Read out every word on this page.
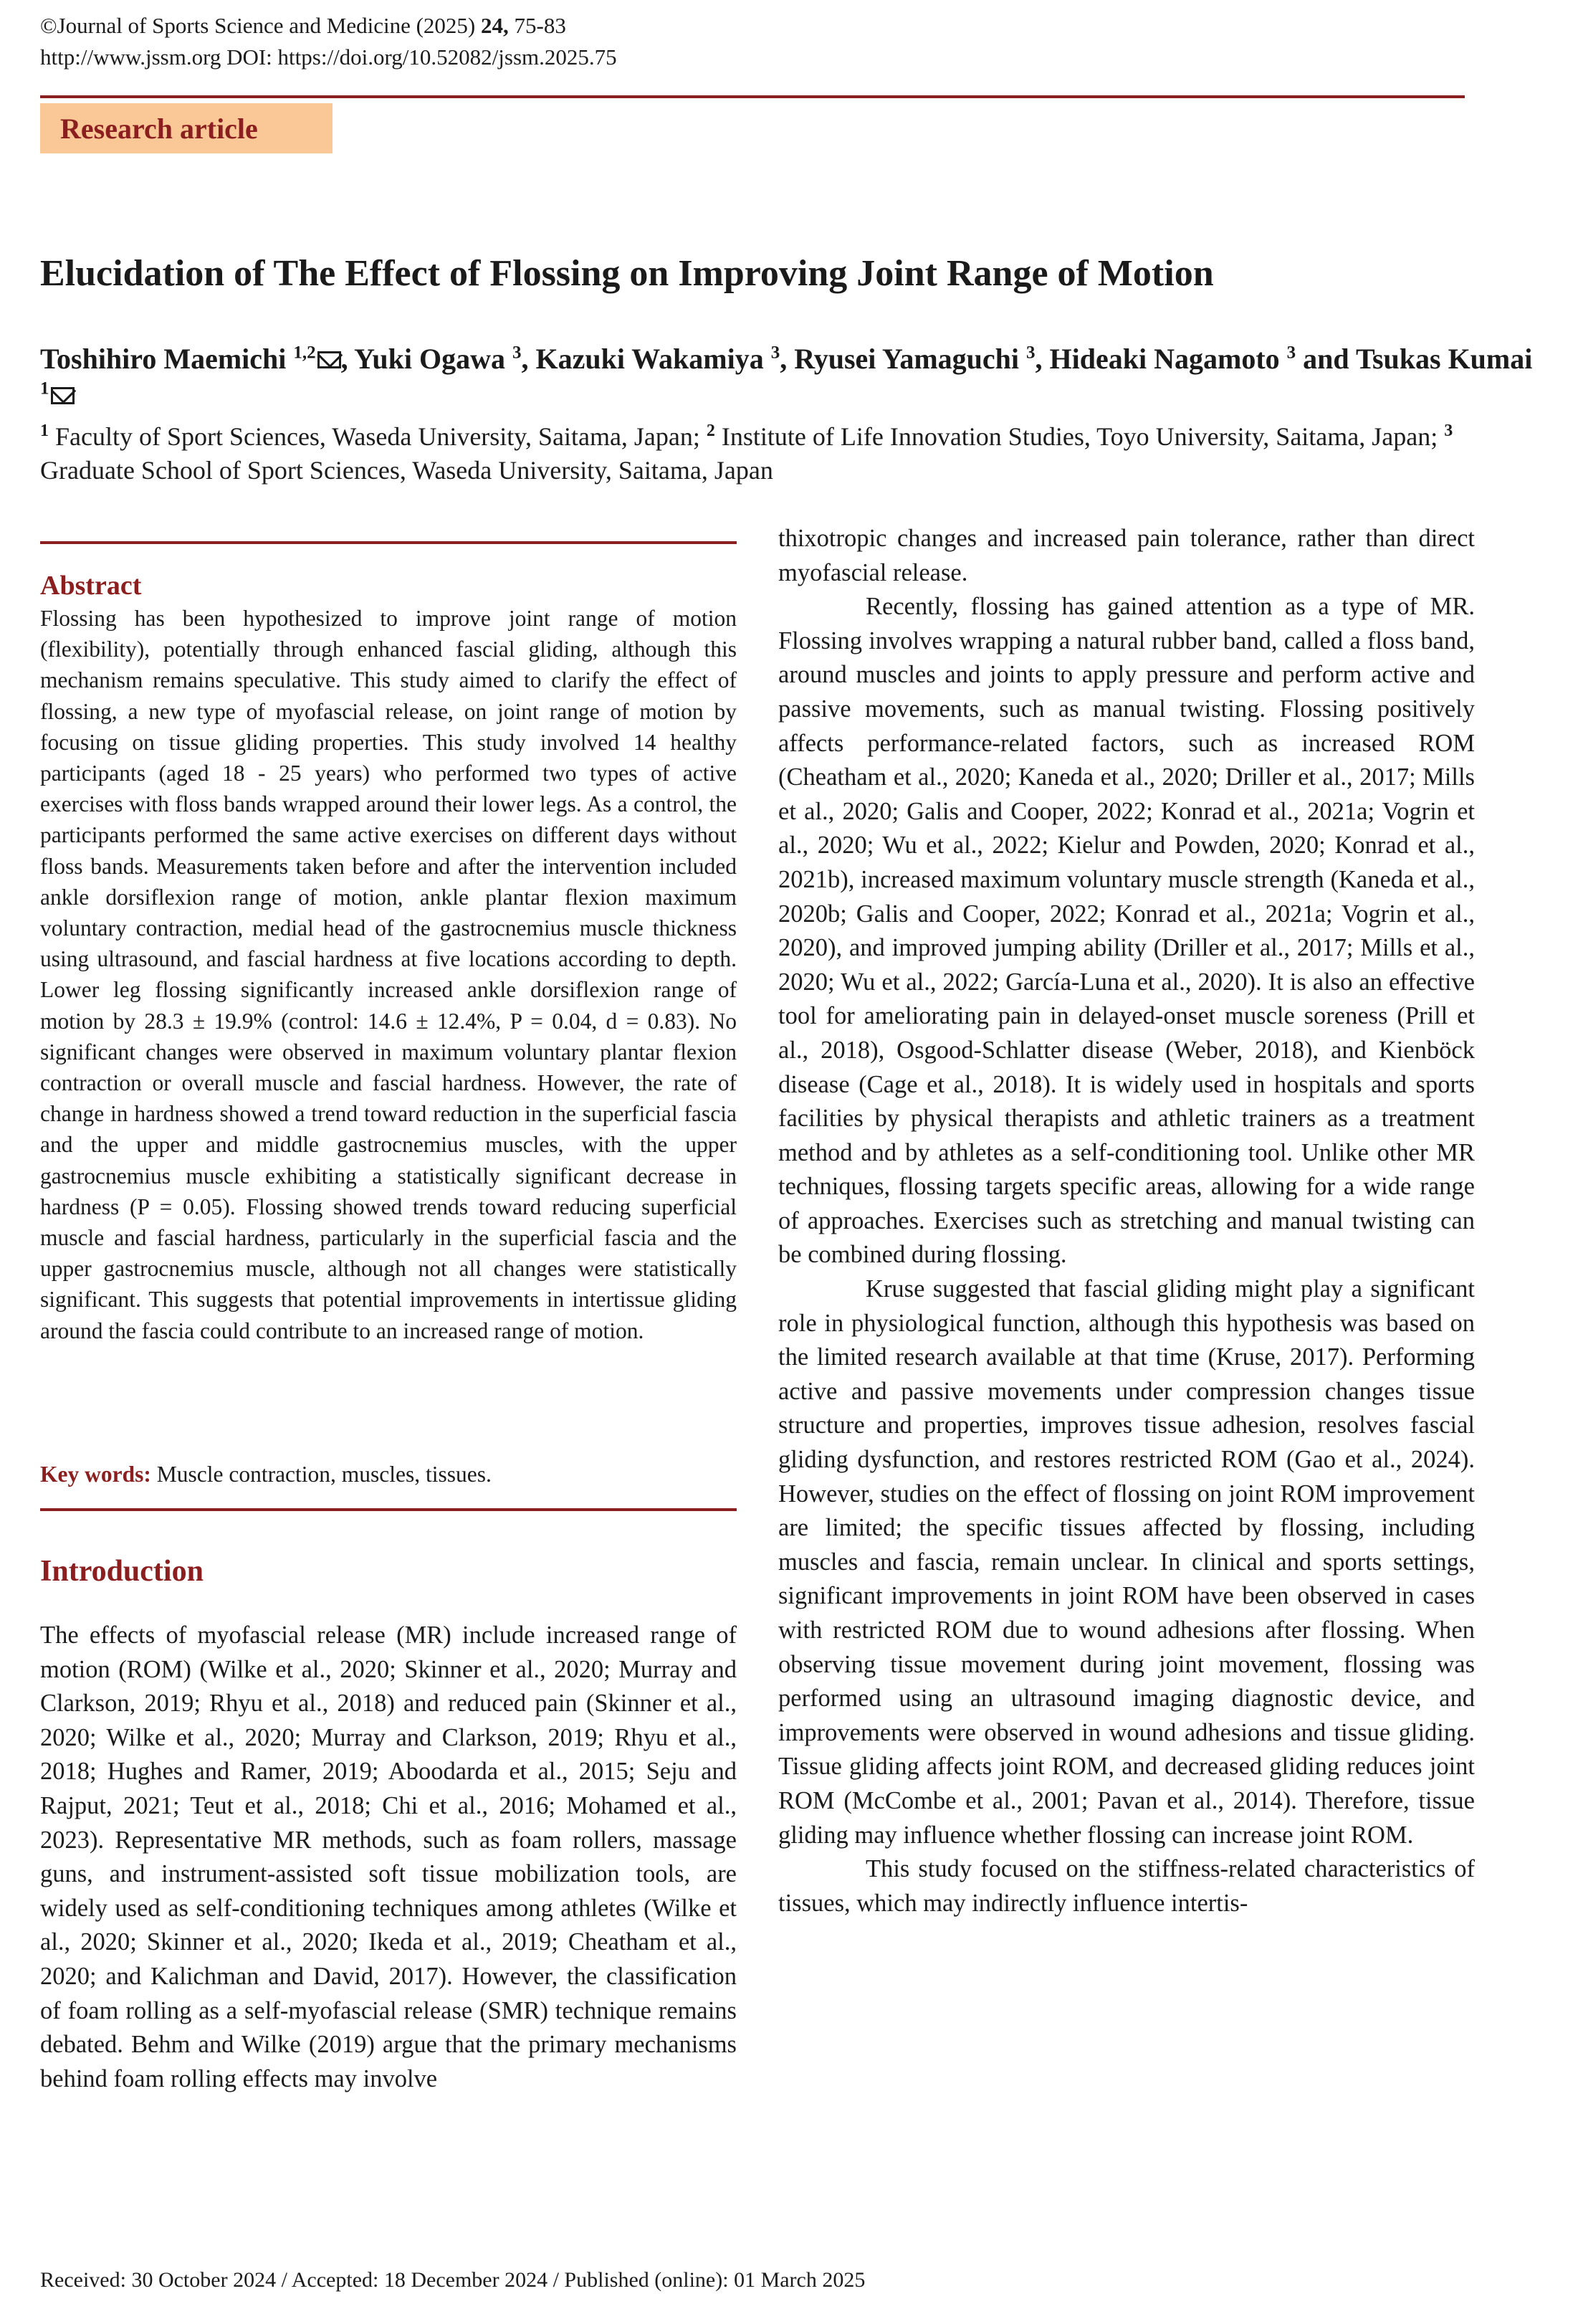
©Journal of Sports Science and Medicine (2025) 24, 75-83
http://www.jssm.org DOI: https://doi.org/10.52082/jssm.2025.75
Research article
Elucidation of The Effect of Flossing on Improving Joint Range of Motion
Toshihiro Maemichi $^{1,2}$ , Yuki Ogawa $^3$, Kazuki Wakamiya $^3$, Ryusei Yamaguchi $^3$, Hideaki Nagamoto $^3$ and Tsukas Kumai $^1$
$^1$ Faculty of Sport Sciences, Waseda University, Saitama, Japan; $^2$ Institute of Life Innovation Studies, Toyo University, Saitama, Japan; $^3$ Graduate School of Sport Sciences, Waseda University, Saitama, Japan
Abstract
Flossing has been hypothesized to improve joint range of motion (flexibility), potentially through enhanced fascial gliding, although this mechanism remains speculative. This study aimed to clarify the effect of flossing, a new type of myofascial release, on joint range of motion by focusing on tissue gliding properties. This study involved 14 healthy participants (aged 18 - 25 years) who performed two types of active exercises with floss bands wrapped around their lower legs. As a control, the participants performed the same active exercises on different days without floss bands. Measurements taken before and after the intervention included ankle dorsiflexion range of motion, ankle plantar flexion maximum voluntary contraction, medial head of the gastrocnemius muscle thickness using ultrasound, and fascial hardness at five locations according to depth. Lower leg flossing significantly increased ankle dorsiflexion range of motion by 28.3 ± 19.9% (control: 14.6 ± 12.4%, P = 0.04, d = 0.83). No significant changes were observed in maximum voluntary plantar flexion contraction or overall muscle and fascial hardness. However, the rate of change in hardness showed a trend toward reduction in the superficial fascia and the upper and middle gastrocnemius muscles, with the upper gastrocnemius muscle exhibiting a statistically significant decrease in hardness (P = 0.05). Flossing showed trends toward reducing superficial muscle and fascial hardness, particularly in the superficial fascia and the upper gastrocnemius muscle, although not all changes were statistically significant. This suggests that potential improvements in intertissue gliding around the fascia could contribute to an increased range of motion.
Key words: Muscle contraction, muscles, tissues.
Introduction
The effects of myofascial release (MR) include increased range of motion (ROM) (Wilke et al., 2020; Skinner et al., 2020; Murray and Clarkson, 2019; Rhyu et al., 2018) and reduced pain (Skinner et al., 2020; Wilke et al., 2020; Murray and Clarkson, 2019; Rhyu et al., 2018; Hughes and Ramer, 2019; Aboodarda et al., 2015; Seju and Rajput, 2021; Teut et al., 2018; Chi et al., 2016; Mohamed et al., 2023). Representative MR methods, such as foam rollers, massage guns, and instrument-assisted soft tissue mobilization tools, are widely used as self-conditioning techniques among athletes (Wilke et al., 2020; Skinner et al., 2020; Ikeda et al., 2019; Cheatham et al., 2020; and Kalichman and David, 2017). However, the classification of foam rolling as a self-myofascial release (SMR) technique remains debated. Behm and Wilke (2019) argue that the primary mechanisms behind foam rolling effects may involve
thixotropic changes and increased pain tolerance, rather than direct myofascial release.
Recently, flossing has gained attention as a type of MR. Flossing involves wrapping a natural rubber band, called a floss band, around muscles and joints to apply pressure and perform active and passive movements, such as manual twisting. Flossing positively affects performance-related factors, such as increased ROM (Cheatham et al., 2020; Kaneda et al., 2020; Driller et al., 2017; Mills et al., 2020; Galis and Cooper, 2022; Konrad et al., 2021a; Vogrin et al., 2020; Wu et al., 2022; Kielur and Powden, 2020; Konrad et al., 2021b), increased maximum voluntary muscle strength (Kaneda et al., 2020b; Galis and Cooper, 2022; Konrad et al., 2021a; Vogrin et al., 2020), and improved jumping ability (Driller et al., 2017; Mills et al., 2020; Wu et al., 2022; García-Luna et al., 2020). It is also an effective tool for ameliorating pain in delayed-onset muscle soreness (Prill et al., 2018), Osgood-Schlatter disease (Weber, 2018), and Kienböck disease (Cage et al., 2018). It is widely used in hospitals and sports facilities by physical therapists and athletic trainers as a treatment method and by athletes as a self-conditioning tool. Unlike other MR techniques, flossing targets specific areas, allowing for a wide range of approaches. Exercises such as stretching and manual twisting can be combined during flossing.
Kruse suggested that fascial gliding might play a significant role in physiological function, although this hypothesis was based on the limited research available at that time (Kruse, 2017). Performing active and passive movements under compression changes tissue structure and properties, improves tissue adhesion, resolves fascial gliding dysfunction, and restores restricted ROM (Gao et al., 2024). However, studies on the effect of flossing on joint ROM improvement are limited; the specific tissues affected by flossing, including muscles and fascia, remain unclear. In clinical and sports settings, significant improvements in joint ROM have been observed in cases with restricted ROM due to wound adhesions after flossing. When observing tissue movement during joint movement, flossing was performed using an ultrasound imaging diagnostic device, and improvements were observed in wound adhesions and tissue gliding. Tissue gliding affects joint ROM, and decreased gliding reduces joint ROM (McCombe et al., 2001; Pavan et al., 2014). Therefore, tissue gliding may influence whether flossing can increase joint ROM.
This study focused on the stiffness-related characteristics of tissues, which may indirectly influence intertis-
Received: 30 October 2024 / Accepted: 18 December 2024 / Published (online): 01 March 2025
